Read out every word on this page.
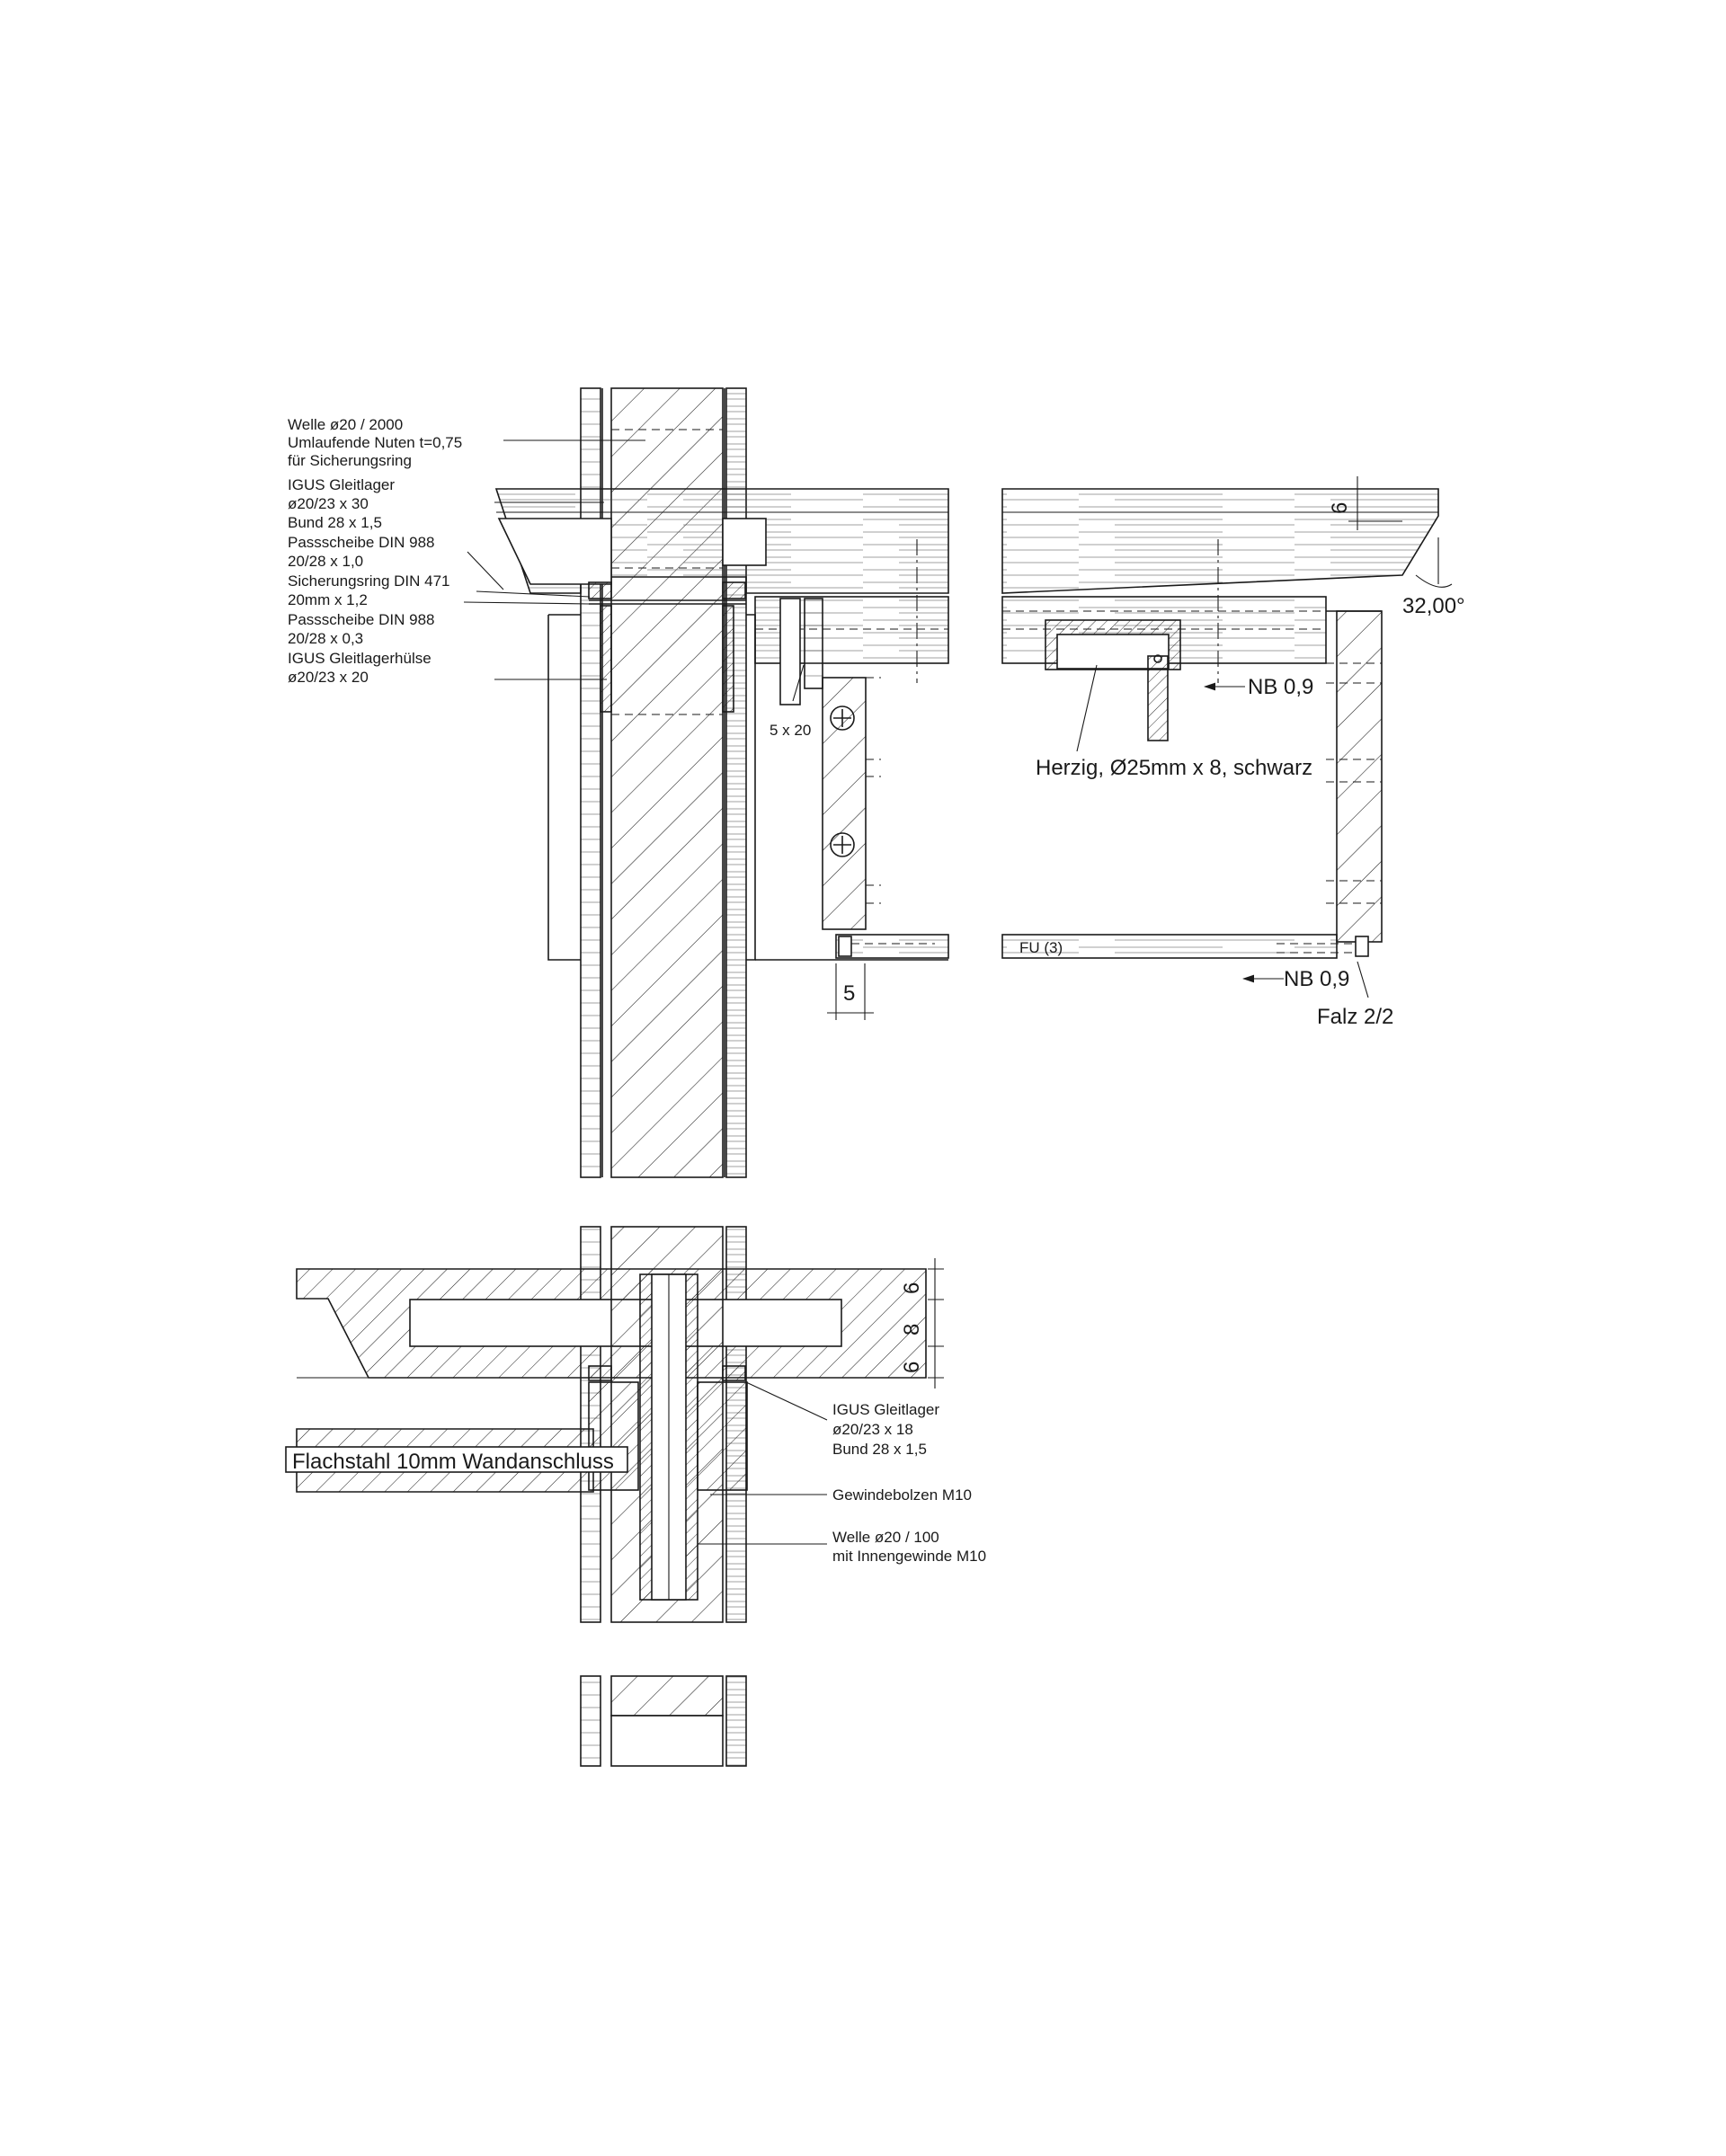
Welle ø20 / 2000
Umlaufende Nuten t=0,75
für Sicherungsring
IGUS Gleitlager
ø20/23 x 30
Bund 28 x 1,5
Passscheibe DIN 988
20/28 x 1,0
Sicherungsring DIN 471
20mm x 1,2
Passscheibe DIN 988
20/28 x 0,3
IGUS Gleitlagerhülse
ø20/23 x 20
5 x 20
Herzig, Ø25mm x 8, schwarz
NB 0,9
NB 0,9
FU (3)
Falz 2/2
32,00°
6
5
6
8
6
IGUS Gleitlager
ø20/23 x 18
Bund 28 x 1,5
Flachstahl 10mm Wandanschluss
Gewindebolzen M10
Welle ø20 / 100
mit Innengewinde M10
